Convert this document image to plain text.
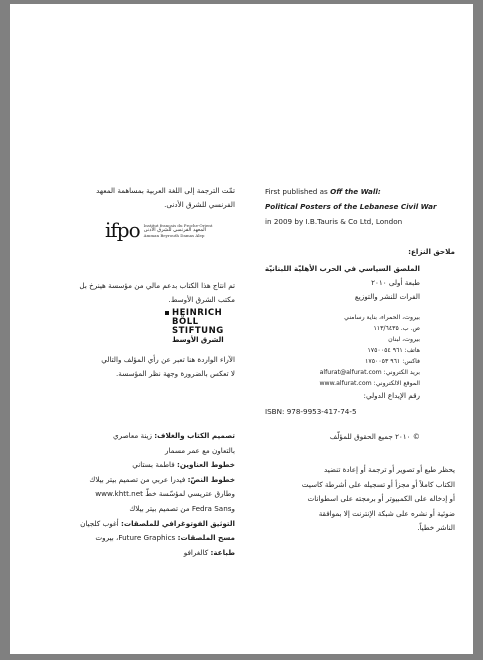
تمّت الترجمة إلى اللغة العربية بمساهمة المعهد
الفرنسي للشرق الأدنى.
ifpo Institut français du Proche-Orient
المعهد الفرنسي للشرق الأدنى
Amman Beyrouth Damas Alep
تم انتاج هذا الكتاب بدعم مالي من مؤسسة هينرخ بل
مكتب الشرق الأوسط.
HEINRICH
BÖLL
STIFTUNG
الشرق الأوسط
الآراء الواردة هنا تعبر عن رأي المؤلف والتالي
لا تعكس بالضرورة وجهة نظر المؤسسة.
تصميم الكتاب والغلاف: زينة معاصري
بالتعاون مع عمر مسمار
خطوط العناوين: فاطمة بستاني
خطوط النصّ: فيدرا عربي من تصميم بيتر بيلاك
وطارق عتريسي لمؤسّسة خطّ www.khtt.net
وFedra Sans من تصميم بيتر بيلاك
التوثيق الفوتوغرافي للملصقات: أغوب كلجيان
مسح الملصقات: Future Graphics، بيروت
طباعة: كالغرافو
First published as Off the Wall:
Political Posters of the Lebanese Civil War
in 2009 by I.B.Tauris & Co Ltd, London
ملاحق النزاع:
الملصق السياسي في الحرب الأهليّة اللبنانيّة
طبعة أولى ٢٠١٠
الفرات للنشر والتوزيع
بيروت، الحمراء، بناية رسامني
ص. ب. ١١٣/٦٤٣٥
بيروت، لبنان
هاتف: ٩٦١ ١٧٥٠٠٥٤
فاكس: ٩٦١ ١٧٥٠٠٥٣
بريد الكتروني: alfurat@alfurat.com
الموقع الالكتروني: www.alfurat.com
رقم الإيداع الدولي:
ISBN: 978-9953-417-74-5
© ٢٠١٠ جميع الحقوق للمؤلّف
يحظر طبع أو تصوير أو ترجمة أو إعادة تنضيد
الكتاب كاملاً أو مجزأ أو تسجيله على أشرطة كاسيت
أو إدخاله على الكمبيوتر أو برمجته على اسطوانات
ضوئية أو نشره على شبكة الإنترنت إلا بموافقة
الناشر خطياً.
